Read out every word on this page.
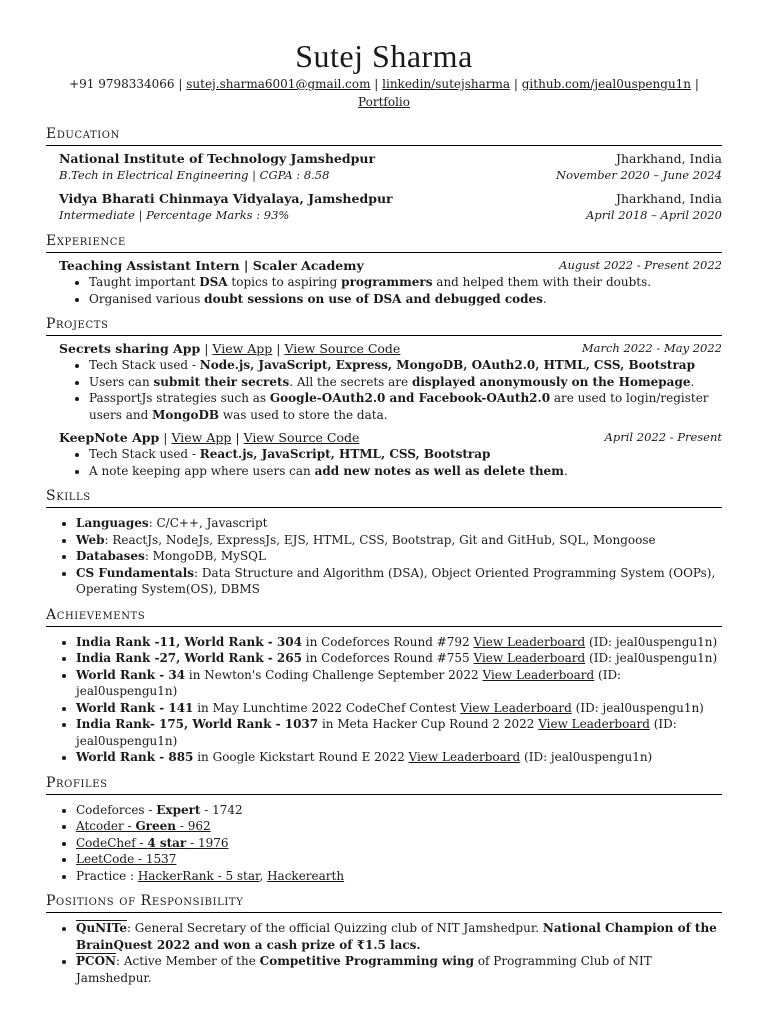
Sutej Sharma
+91 9798334066 | sutej.sharma6001@gmail.com | linkedin/sutejsharma | github.com/jeal0uspengu1n | Portfolio
Education
National Institute of Technology Jamshedpur	Jharkhand, India
B.Tech in Electrical Engineering | CGPA : 8.58	November 2020 – June 2024
Vidya Bharati Chinmaya Vidyalaya, Jamshedpur	Jharkhand, India
Intermediate | Percentage Marks : 93%	April 2018 – April 2020
Experience
Teaching Assistant Intern | Scaler Academy	August 2022 - Present 2022
• Taught important DSA topics to aspiring programmers and helped them with their doubts.
• Organised various doubt sessions on use of DSA and debugged codes.
Projects
Secrets sharing App | View App | View Source Code	March 2022 - May 2022
• Tech Stack used - Node.js, JavaScript, Express, MongoDB, OAuth2.0, HTML, CSS, Bootstrap
• Users can submit their secrets. All the secrets are displayed anonymously on the Homepage.
• PassportJs strategies such as Google-OAuth2.0 and Facebook-OAuth2.0 are used to login/register users and MongoDB was used to store the data.
KeepNote App | View App | View Source Code	April 2022 - Present
• Tech Stack used - React.js, JavaScript, HTML, CSS, Bootstrap
• A note keeping app where users can add new notes as well as delete them.
Skills
• Languages: C/C++, Javascript
• Web: ReactJs, NodeJs, ExpressJs, EJS, HTML, CSS, Bootstrap, Git and GitHub, SQL, Mongoose
• Databases: MongoDB, MySQL
• CS Fundamentals: Data Structure and Algorithm (DSA), Object Oriented Programming System (OOPs), Operating System(OS), DBMS
Achievements
• India Rank -11, World Rank - 304 in Codeforces Round #792 View Leaderboard (ID: jeal0uspengu1n)
• India Rank -27, World Rank - 265 in Codeforces Round #755 View Leaderboard (ID: jeal0uspengu1n)
• World Rank - 34 in Newton's Coding Challenge September 2022 View Leaderboard (ID: jeal0uspengu1n)
• World Rank - 141 in May Lunchtime 2022 CodeChef Contest View Leaderboard (ID: jeal0uspengu1n)
• India Rank- 175, World Rank - 1037 in Meta Hacker Cup Round 2 2022 View Leaderboard (ID: jeal0uspengu1n)
• World Rank - 885 in Google Kickstart Round E 2022 View Leaderboard (ID: jeal0uspengu1n)
Profiles
• Codeforces - Expert - 1742
• Atcoder - Green - 962
• CodeChef - 4 star - 1976
• LeetCode - 1537
• Practice : HackerRank - 5 star, Hackerearth
Positions of Responsibility
• QuNITe: General Secretary of the official Quizzing club of NIT Jamshedpur. National Champion of the BrainQuest 2022 and won a cash prize of ₹1.5 lacs.
• PCON: Active Member of the Competitive Programming wing of Programming Club of NIT Jamshedpur.
